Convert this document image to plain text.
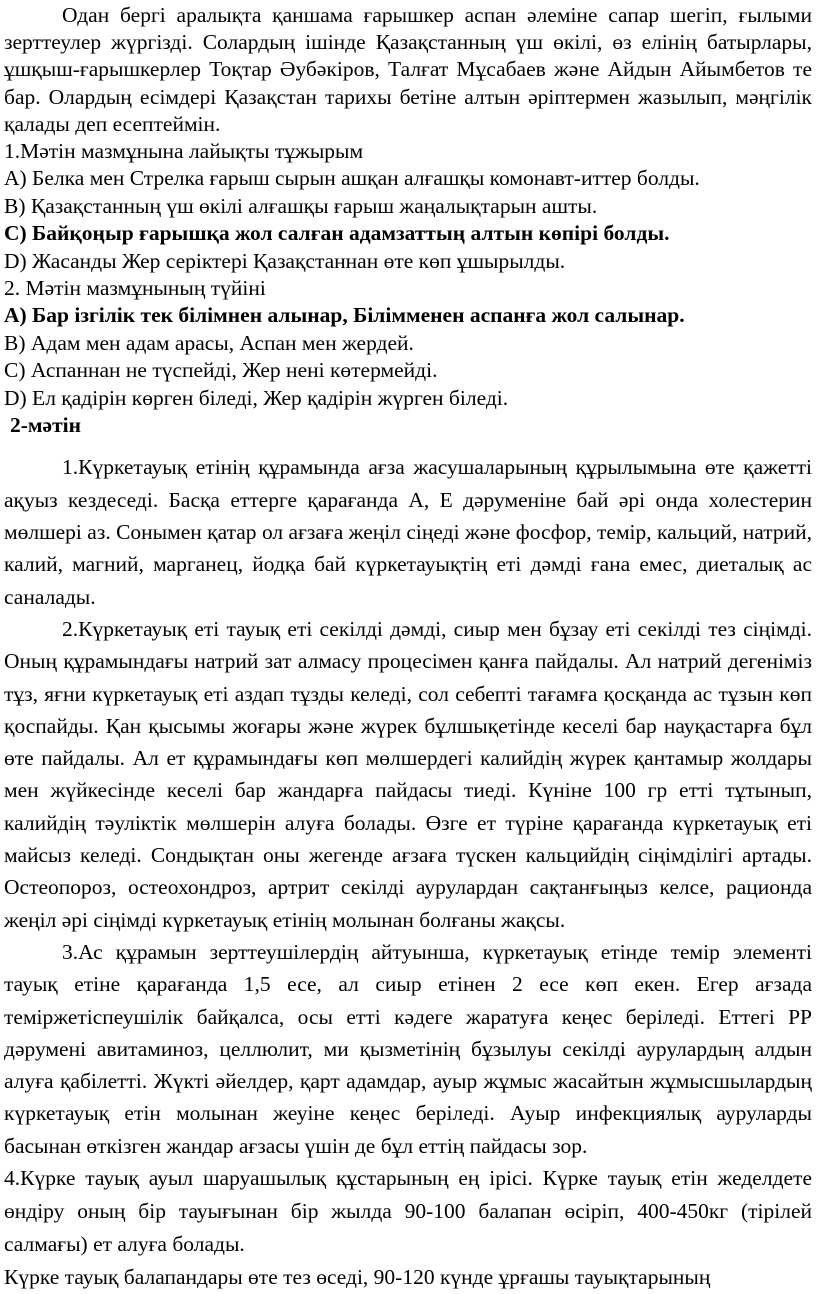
Одан бергі аралықта қаншама ғарышкер аспан әлеміне сапар шегіп, ғылыми зерттеулер жүргізді. Солардың ішінде Қазақстанның үш өкілі, өз елінің батырлары, ұшқыш-ғарышкерлер Тоқтар Әубәкіров, Талғат Мұсабаев және Айдын Айымбетов те бар. Олардың есімдері Қазақстан тарихы бетіне алтын әріптермен жазылып, мәңгілік қалады деп есептеймін.

1.Мәтін мазмұнына лайықты тұжырым

А) Белка мен Стрелка ғарыш сырын ашқан алғашқы комонавт-иттер болды.

В) Қазақстанның үш өкілі алғашқы ғарыш жаңалықтарын ашты.

С) Байқоңыр ғарышқа жол салған адамзаттың алтын көпірі болды.

D) Жасанды Жер серіктері Қазақстаннан өте көп ұшырылды.

2. Мәтін мазмұнының түйіні

А) Бар ізгілік тек білімнен алынар, Білімменен аспанға жол салынар.

В) Адам мен адам арасы, Аспан мен жердей.

С) Аспаннан не түспейді, Жер нені көтермейді.

D) Ел қадірін көрген біледі, Жер қадірін жүрген біледі.

2-мәтін

1.Күркетауық етінің құрамында ағза жасушаларының құрылымына өте қажетті ақуыз кездеседі. Басқа еттерге қарағанда А, Е дәруменіне бай әрі онда холестерин мөлшері аз. Сонымен қатар ол ағзаға жеңіл сіңеді және фосфор, темір, кальций, натрий, калий, магний, марганец, йодқа бай күркетауықтің еті дәмді ғана емес, диеталық ас саналады.

2.Күркетауық еті тауық еті секілді дәмді, сиыр мен бұзау еті секілді тез сіңімді. Оның құрамындағы натрий зат алмасу процесімен қанға пайдалы. Ал натрий дегеніміз тұз, яғни күркетауық еті аздап тұзды келеді, сол себепті тағамға қосқанда ас тұзын көп қоспайды. Қан қысымы жоғары және жүрек бұлшықетінде кеселі бар науқастарға бұл өте пайдалы. Ал ет құрамындағы көп мөлшердегі калийдің жүрек қантамыр жолдары мен жүйкесінде кеселі бар жандарға пайдасы тиеді. Күніне 100 гр етті тұтынып, калийдің тәуліктік мөлшерін алуға болады. Өзге ет түріне қарағанда күркетауық еті майсыз келеді. Сондықтан оны жегенде ағзаға түскен кальцийдің сіңімділігі артады. Остеопороз, остеохондроз, артрит секілді аурулардан сақтанғыңыз келсе, рационда жеңіл әрі сіңімді күркетауық етінің молынан болғаны жақсы.

3.Ас құрамын зерттеушілердің айтуынша, күркетауық етінде темір элементі тауық етіне қарағанда 1,5 есе, ал сиыр етінен 2 есе көп екен. Егер ағзада теміржетіспеушілік байқалса, осы етті кәдеге жаратуға кеңес беріледі. Еттегі РР дәрумені авитаминоз, целлюлит, ми қызметінің бұзылуы секілді аурулардың алдын алуға қабілетті. Жүкті әйелдер, қарт адамдар, ауыр жұмыс жасайтын жұмысшылардың күркетауық етін молынан жеуіне кеңес беріледі. Ауыр инфекциялық ауруларды басынан өткізген жандар ағзасы үшін де бұл еттің пайдасы зор.

4.Күрке тауық ауыл шаруашылық құстарының ең ірісі. Күрке тауық етін жеделдете өндіру оның бір тауығынан бір жылда 90-100 балапан өсіріп, 400-450кг (тірілей салмағы) ет алуға болады.

Күрке тауық балапандары өте тез өседі, 90-120 күнде ұрғашы тауықтарының
